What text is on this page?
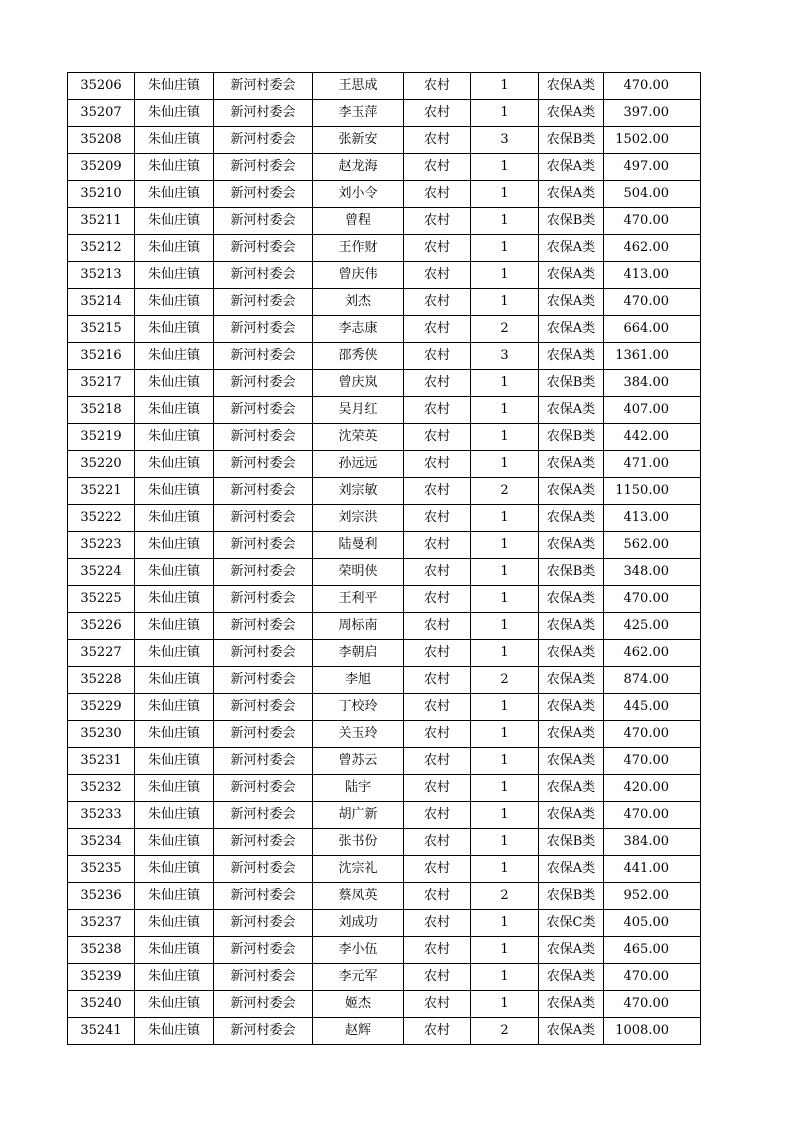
35206	朱仙庄镇	新河村委会	王思成	农村	1	农保A类	470.00
35207	朱仙庄镇	新河村委会	李玉萍	农村	1	农保A类	397.00
35208	朱仙庄镇	新河村委会	张新安	农村	3	农保B类	1502.00
35209	朱仙庄镇	新河村委会	赵龙海	农村	1	农保A类	497.00
35210	朱仙庄镇	新河村委会	刘小令	农村	1	农保A类	504.00
35211	朱仙庄镇	新河村委会	曾程	农村	1	农保B类	470.00
35212	朱仙庄镇	新河村委会	王作财	农村	1	农保A类	462.00
35213	朱仙庄镇	新河村委会	曾庆伟	农村	1	农保A类	413.00
35214	朱仙庄镇	新河村委会	刘杰	农村	1	农保A类	470.00
35215	朱仙庄镇	新河村委会	李志康	农村	2	农保A类	664.00
35216	朱仙庄镇	新河村委会	邵秀侠	农村	3	农保A类	1361.00
35217	朱仙庄镇	新河村委会	曾庆岚	农村	1	农保B类	384.00
35218	朱仙庄镇	新河村委会	吴月红	农村	1	农保A类	407.00
35219	朱仙庄镇	新河村委会	沈荣英	农村	1	农保B类	442.00
35220	朱仙庄镇	新河村委会	孙远远	农村	1	农保A类	471.00
35221	朱仙庄镇	新河村委会	刘宗敏	农村	2	农保A类	1150.00
35222	朱仙庄镇	新河村委会	刘宗洪	农村	1	农保A类	413.00
35223	朱仙庄镇	新河村委会	陆曼利	农村	1	农保A类	562.00
35224	朱仙庄镇	新河村委会	荣明侠	农村	1	农保B类	348.00
35225	朱仙庄镇	新河村委会	王利平	农村	1	农保A类	470.00
35226	朱仙庄镇	新河村委会	周标南	农村	1	农保A类	425.00
35227	朱仙庄镇	新河村委会	李朝启	农村	1	农保A类	462.00
35228	朱仙庄镇	新河村委会	李旭	农村	2	农保A类	874.00
35229	朱仙庄镇	新河村委会	丁校玲	农村	1	农保A类	445.00
35230	朱仙庄镇	新河村委会	关玉玲	农村	1	农保A类	470.00
35231	朱仙庄镇	新河村委会	曾苏云	农村	1	农保A类	470.00
35232	朱仙庄镇	新河村委会	陆宇	农村	1	农保A类	420.00
35233	朱仙庄镇	新河村委会	胡广新	农村	1	农保A类	470.00
35234	朱仙庄镇	新河村委会	张书份	农村	1	农保B类	384.00
35235	朱仙庄镇	新河村委会	沈宗礼	农村	1	农保A类	441.00
35236	朱仙庄镇	新河村委会	蔡凤英	农村	2	农保B类	952.00
35237	朱仙庄镇	新河村委会	刘成功	农村	1	农保C类	405.00
35238	朱仙庄镇	新河村委会	李小伍	农村	1	农保A类	465.00
35239	朱仙庄镇	新河村委会	李元军	农村	1	农保A类	470.00
35240	朱仙庄镇	新河村委会	姬杰	农村	1	农保A类	470.00
35241	朱仙庄镇	新河村委会	赵辉	农村	2	农保A类	1008.00
